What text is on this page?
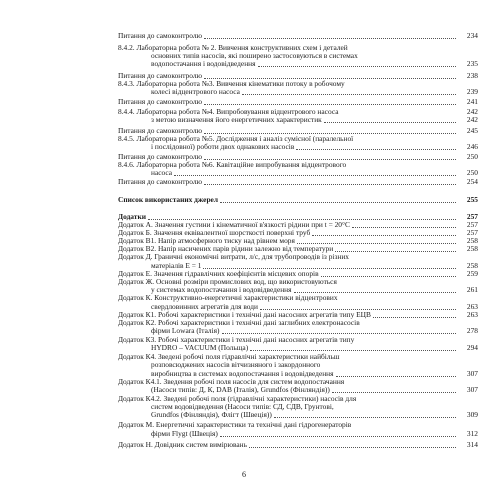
Питання до самоконтролю	234
8.4.2. Лабораторна робота № 2. Вивчення конструктивних схем і деталей
основних типів насосів, які поширено застосовуються в системах
водопостачання і водовідведення	235
Питання до самоконтролю	238
8.4.3. Лабораторна робота №3. Вивчення кінематики потоку в робочому
колесі відцентрового насоса	239
Питання до самоконтролю	241
8.4.4. Лабораторна робота №4. Випробовування відцентрового насоса	242
з метою визначення його енергетичних характеристик	242
Питання до самоконтролю	245
8.4.5. Лабораторна робота №5. Дослідження і аналіз сумісної (паралельної
і послідовної) роботи двох однакових насосів	246
Питання до самоконтролю	250
8.4.6. Лабораторна робота №6. Кавітаційне випробування відцентрового
насоса	250
Питання до самоконтролю	254
Список використаних джерел	255
Додатки	257
Додаток А. Значення густини і кінематичної в'язкості рідини при t = 20°C	257
Додаток Б. Значення еквівалентної шорсткості поверхні труб	257
Додаток В1. Напір атмосферного тиску над рівнем моря	258
Додаток В2. Напір насичених парів рідини залежно від температури	258
Додаток Д. Граничні економічні витрати, л/с, для трубопроводів із різних
матеріалів E = 1	258
Додаток Е. Значення гідравлічних коефіцієнтів місцевих опорів	259
Додаток Ж. Основні розміри промислових вод, що використовуються
у системах водопостачання і водовідведення	261
Додаток К. Конструктивно-енергетичні характеристики відцентрових
свердловинних агрегатів для води	263
Додаток К1. Робочі характеристики і технічні дані насосних агрегатів типу ЕЦВ	263
Додаток К2. Робочі характеристики і технічні дані заглибних електронасосів
фірми Lowara (Італія)	278
Додаток К3. Робочі характеристики і технічні дані насосних агрегатів типу
HYDRO – VACUUM (Польща)	294
Додаток К4. Зведені робочі поля гідравлічні характеристики найбільш
розповсюджених насосів вітчизняного і закордонного
виробництва в системах водопостачання і водовідведення	307
Додаток К4.1. Зведення робочі поля насосів для систем водопостачання
(Насоси типів: Д, К, DAB (Італія), Grundfos (Фінляндія))	307
Додаток К4.2. Зведені робочі поля (гідравлічні характеристики) насосів для
систем водовідведення (Насоси типів: СД, СДВ, Грунтові,
Grundfos (Фінляндія), Флігт (Швеція))	309
Додаток М. Енергетичні характеристики та технічні дані гідрогенераторів
фірми Flygt (Швеція)	312
Додаток Н. Довідник систем вимірювань	314
6
